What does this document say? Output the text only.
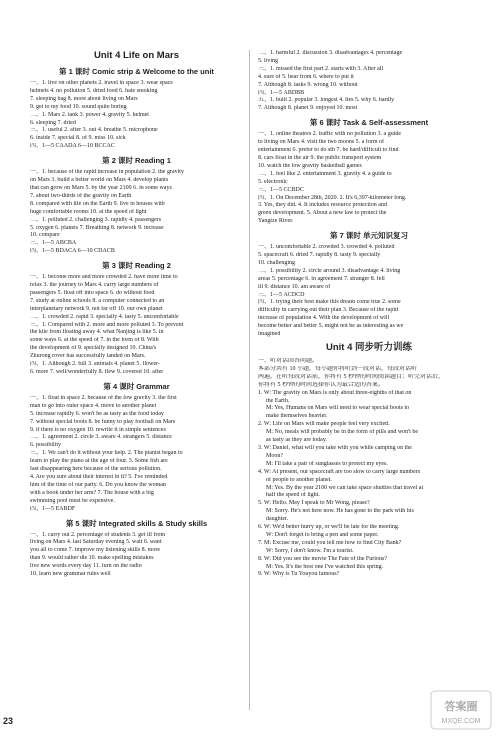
Unit 4 Life on Mars
第 1 课时 Comic strip & Welcome to the unit
一、1. live on other planets 2. travel in space 3. wear space
helmets 4. no pollution 5. dried food 6. hate smoking
7. sleeping bag 8. more about living on Mars
9. get to my food 10. sound quite boring
二、1. Mars 2. tank 3. power 4. gravity 5. helmet
6. sleeping 7. dried
三、1. useful 2. after 3. out 4. breathe 5. microphone
6. inside 7. special 8. of 9. miss 10. sick
四、1—5 CAADA 6—10 BCCAC
第 2 课时 Reading 1
一、1. because of the rapid increase in population 2. the gravity
on Mars 3. build a better world on Mars 4. develop plants
that can grow on Mars 5. by the year 2100 6. in some ways
7. about two-thirds of the gravity on Earth
8. compared with life on the Earth 9. live in houses with
huge comfortable rooms 10. at the speed of light
二、1. polluted 2. challenging 3. rapidly 4. passengers
5. oxygen 6. planets 7. Breathing 8. network 9. increase
10. compare
三、1—5 ABCBA
四、1—5 BDACA 6—10 CDACB
第 3 课时 Reading 2
一、1. become more and more crowded 2. have more time to
relax 3. the journey to Mars 4. carry large numbers of
passengers 5. float off into space 6. do without food
7. study at online schools 8. a computer connected to an
interplanetary network 9. not far off 10. our own planet
二、1. crowded 2. rapid 3. specially 4. tasty 5. uncomfortable
三、1. Compared with 2. more and more polluted 3. To prevent
the kite from floating away 4. what Nanjing is like 5. in
some ways 6. at the speed of 7. in the form of 8. With
the development of 9. specially designed 10. China's
Zhurong rover has successfully landed on Mars.
四、1. Although 2. full 3. animals 4. planet 5. flower-
6. more 7. well/wonderfully 8. flew 9. covered 10. after
第 4 课时 Grammar
一、1. float in space 2. because of the low gravity 3. the first
man to go into outer space 4. move to another planet
5. increase rapidly 6. won't be as tasty as the food today
7. without special boots 8. be funny to play football on Mars
9. if there is no oxygen 10. rewrite it in simple sentences
二、1. agreement 2. circle 3. aware 4. strangers 5. distance
6. possibility
三、1. We can't do it without your help. 2. The pianist began to
learn to play the piano at the age of four. 3. Some fish are
fast disappearing here because of the serious pollution.
4. Are you sure about their interest in it? 5. I've reminded
him of the time of our party. 6. Do you know the woman
with a book under her arm? 7. The house with a big
swimming pool must be expensive.
四、1—5 EABDF
第 5 课时 Integrated skills & Study skills
一、1. carry out 2. percentage of students 3. get ill from
living on Mars 4. last Saturday evening 5. wait 6. want
you all to come 7. improve my listening skills 8. more
than 9. would rather die 10. make spelling mistakes
live new words every day 11. turn on the radio
10. learn new grammar rules well
二、1. harmful 2. discussion 3. disadvantages 4. percentage
5. living
三、1. missed the first part 2. starts with 3. After all
4. sure of 5. hear from 6. where to put it
7. Although 8. tasks 9. wrong 10. without
四、1—5 ABDBB
五、1. built 2. popular 3. longest 4. lies 5. why 6. hardly
7. Although 8. planet 9. enjoyed 10. most
第 6 课时 Task & Self-assessment
一、1. online theatres 2. traffic with no pollution 3. a guide
to living on Mars 4. visit the two moons 5. a form of
entertainment 6. prefer to do sth 7. be hard/difficult to find
8. cars float in the air 9. the public transport system
10. watch the low gravity basketball games
二、1. feel like 2. entertainment 3. gravity 4. a guide to
5. electronic
三、1—5 CCBDC
四、1. On December 28th, 2020. 2. It's 6,397-kilometer long.
3. Yes, they did. 4. It includes resource protection and
green development. 5. About a new law to protect the
Yangtze River.
第 7 课时 单元知识复习
一、1. uncomfortable 2. crowded 3. crowded 4. polluted
5. spacecraft 6. dried 7. rapidly 8. tasty 9. specially
10. challenging
二、1. possibility 2. circle around 3. disadvantage 4. living
areas 5. percentage 6. in agreement 7. stranger 8. fell
ill 9. distance 10. am aware of
三、1—5 ACDCD
四、1. trying their best make this dream come true 2. some
difficulty in carrying out their plan 3. Because of the rapid
increase of population 4. With the development of will
become better and better 5. might not be as interesting as we
imagined
Unit 4 同步听力训练
一、听对话回答问题。
本部分共有 10 小题，每小题你将听到一段对话，每段对话听
两遍。在听每段对话前，你将有 5 秒钟的时间阅读题目；听完对话后，
你将有 5 秒钟的时间选择你认为最合适的答案。
1. W: The gravity on Mars is only about three-eighths of that on
the Earth.
M: Yes, Humans on Mars will need to wear special boots to
make themselves heavier.
2. W: Life on Mars will make people feel very excited.
M: No, meals will probably be in the form of pills and won't be
as tasty as they are today.
3. W: Daniel, what will you take with you while camping on the
Moon?
M: I'll take a pair of sunglasses to protect my eyes.
4. W: At present, our spacecraft are too slow to carry large numbers
of people to another planet.
M: Yes. By the year 2100 we can take space shuttles that travel at
half the speed of light.
5. W: Hello. May I speak to Mr Wong, please?
M: Sorry. He's not here now. He has gone to the park with his
daughter.
6. W: We'd better hurry up, or we'll be late for the meeting.
W: Don't forget to bring a pen and some paper.
7. M: Excuse me, could you tell me how to find City Bank?
W: Sorry, I don't know. I'm a tourist.
8. W: Did you see the movie The Fate of the Furious?
M: Yes. It's the best one I've watched this spring.
9. W: Why is Tu Youyou famous?
23
答案圈
MXQE.COM
